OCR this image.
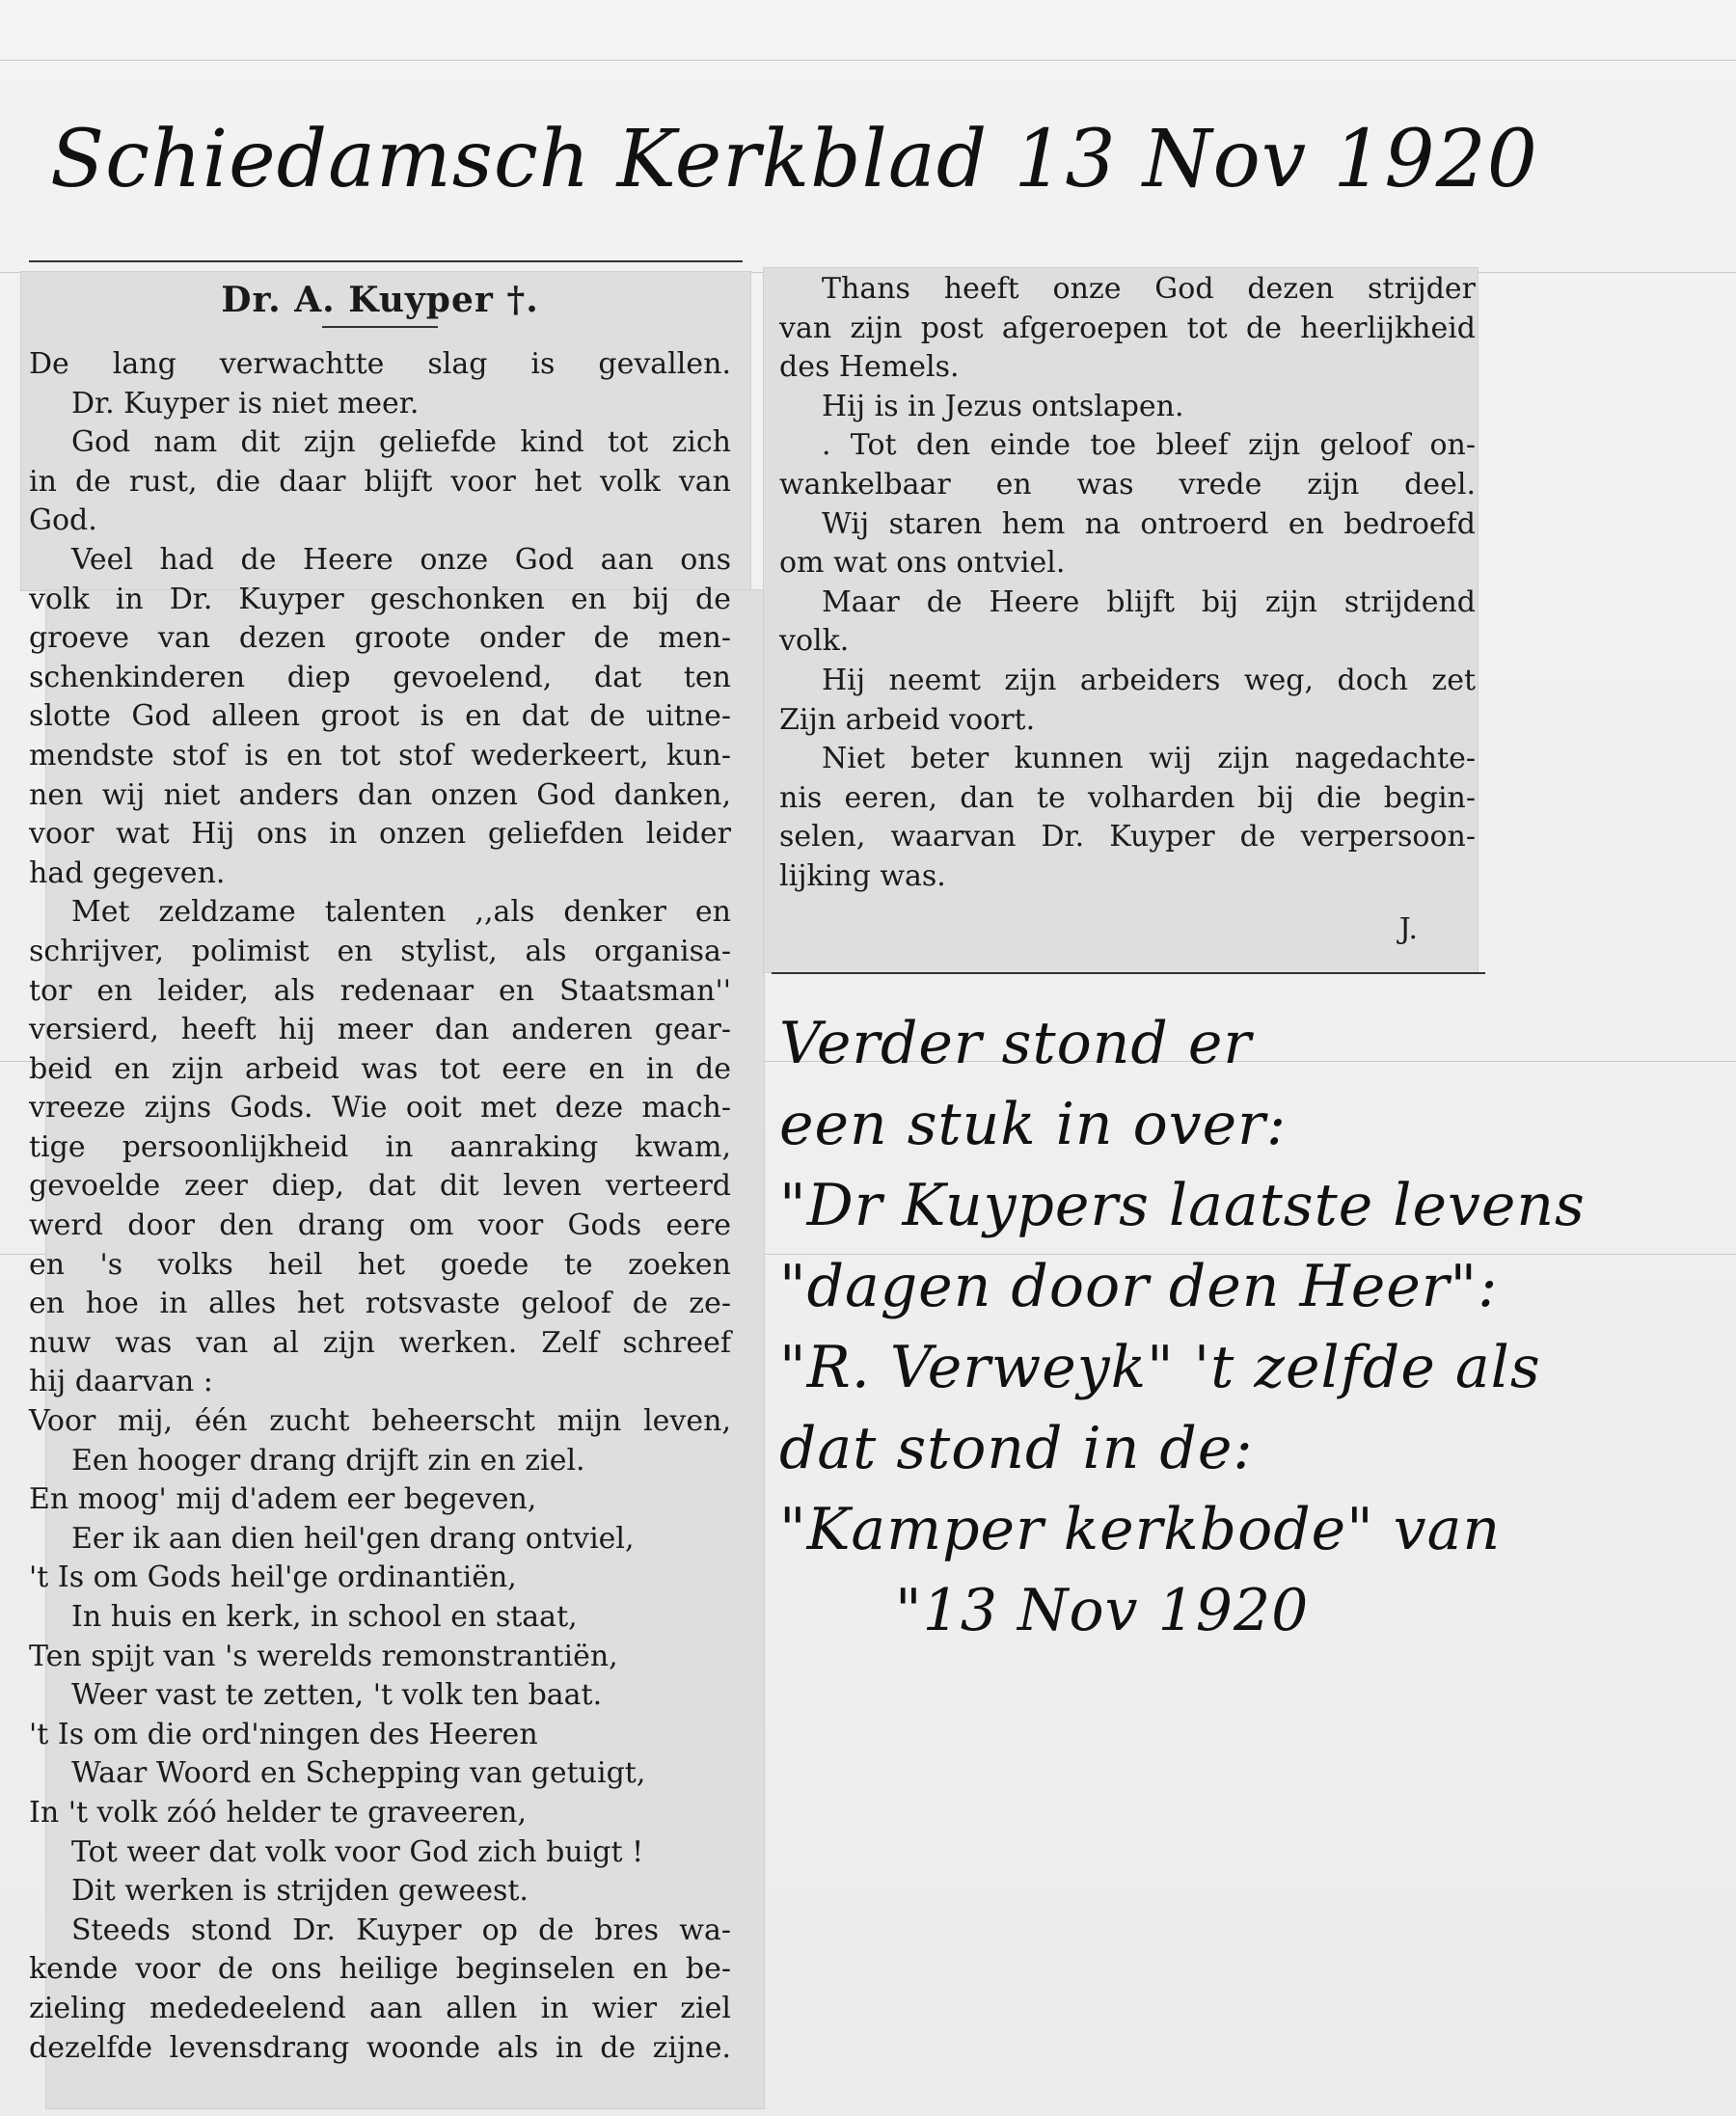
Schiedamsch Kerkblad 13 Nov 1920
Dr. A. Kuyper †.
De lang verwachtte slag is gevallen.
Dr. Kuyper is niet meer.
God nam dit zijn geliefde kind tot zich
in de rust, die daar blijft voor het volk van
God.
Veel had de Heere onze God aan ons
volk in Dr. Kuyper geschonken en bij de
groeve van dezen groote onder de men-
schenkinderen diep gevoelend, dat ten
slotte God alleen groot is en dat de uitne-
mendste stof is en tot stof wederkeert, kun-
nen wij niet anders dan onzen God danken,
voor wat Hij ons in onzen geliefden leider
had gegeven.
Met zeldzame talenten ,,als denker en
schrijver, polimist en stylist, als organisa-
tor en leider, als redenaar en Staatsman''
versierd, heeft hij meer dan anderen gear-
beid en zijn arbeid was tot eere en in de
vreeze zijns Gods. Wie ooit met deze mach-
tige persoonlijkheid in aanraking kwam,
gevoelde zeer diep, dat dit leven verteerd
werd door den drang om voor Gods eere
en 's volks heil het goede te zoeken
en hoe in alles het rotsvaste geloof de ze-
nuw was van al zijn werken. Zelf schreef
hij daarvan :
Voor mij, één zucht beheerscht mijn leven,
Een hooger drang drijft zin en ziel.
En moog' mij d'adem eer begeven,
Eer ik aan dien heil'gen drang ontviel,
't Is om Gods heil'ge ordinantiën,
In huis en kerk, in school en staat,
Ten spijt van 's werelds remonstrantiën,
Weer vast te zetten, 't volk ten baat.
't Is om die ord'ningen des Heeren
Waar Woord en Schepping van getuigt,
In 't volk zóó helder te graveeren,
Tot weer dat volk voor God zich buigt !
Dit werken is strijden geweest.
Steeds stond Dr. Kuyper op de bres wa-
kende voor de ons heilige beginselen en be-
zieling mededeelend aan allen in wier ziel
dezelfde levensdrang woonde als in de zijne.
Thans heeft onze God dezen strijder
van zijn post afgeroepen tot de heerlijkheid
des Hemels.
Hij is in Jezus ontslapen.
. Tot den einde toe bleef zijn geloof on-
wankelbaar en was vrede zijn deel.
Wij staren hem na ontroerd en bedroefd
om wat ons ontviel.
Maar de Heere blijft bij zijn strijdend
volk.
Hij neemt zijn arbeiders weg, doch zet
Zijn arbeid voort.
Niet beter kunnen wij zijn nagedachte-
nis eeren, dan te volharden bij die begin-
selen, waarvan Dr. Kuyper de verpersoon-
lijking was.
J.
Verder stond er
een stuk in over:
"Dr Kuypers laatste levens
"dagen door den Heer":
"R. Verweyk" 't zelfde als
dat stond in de:
"Kamper kerkbode" van
"13 Nov 1920
